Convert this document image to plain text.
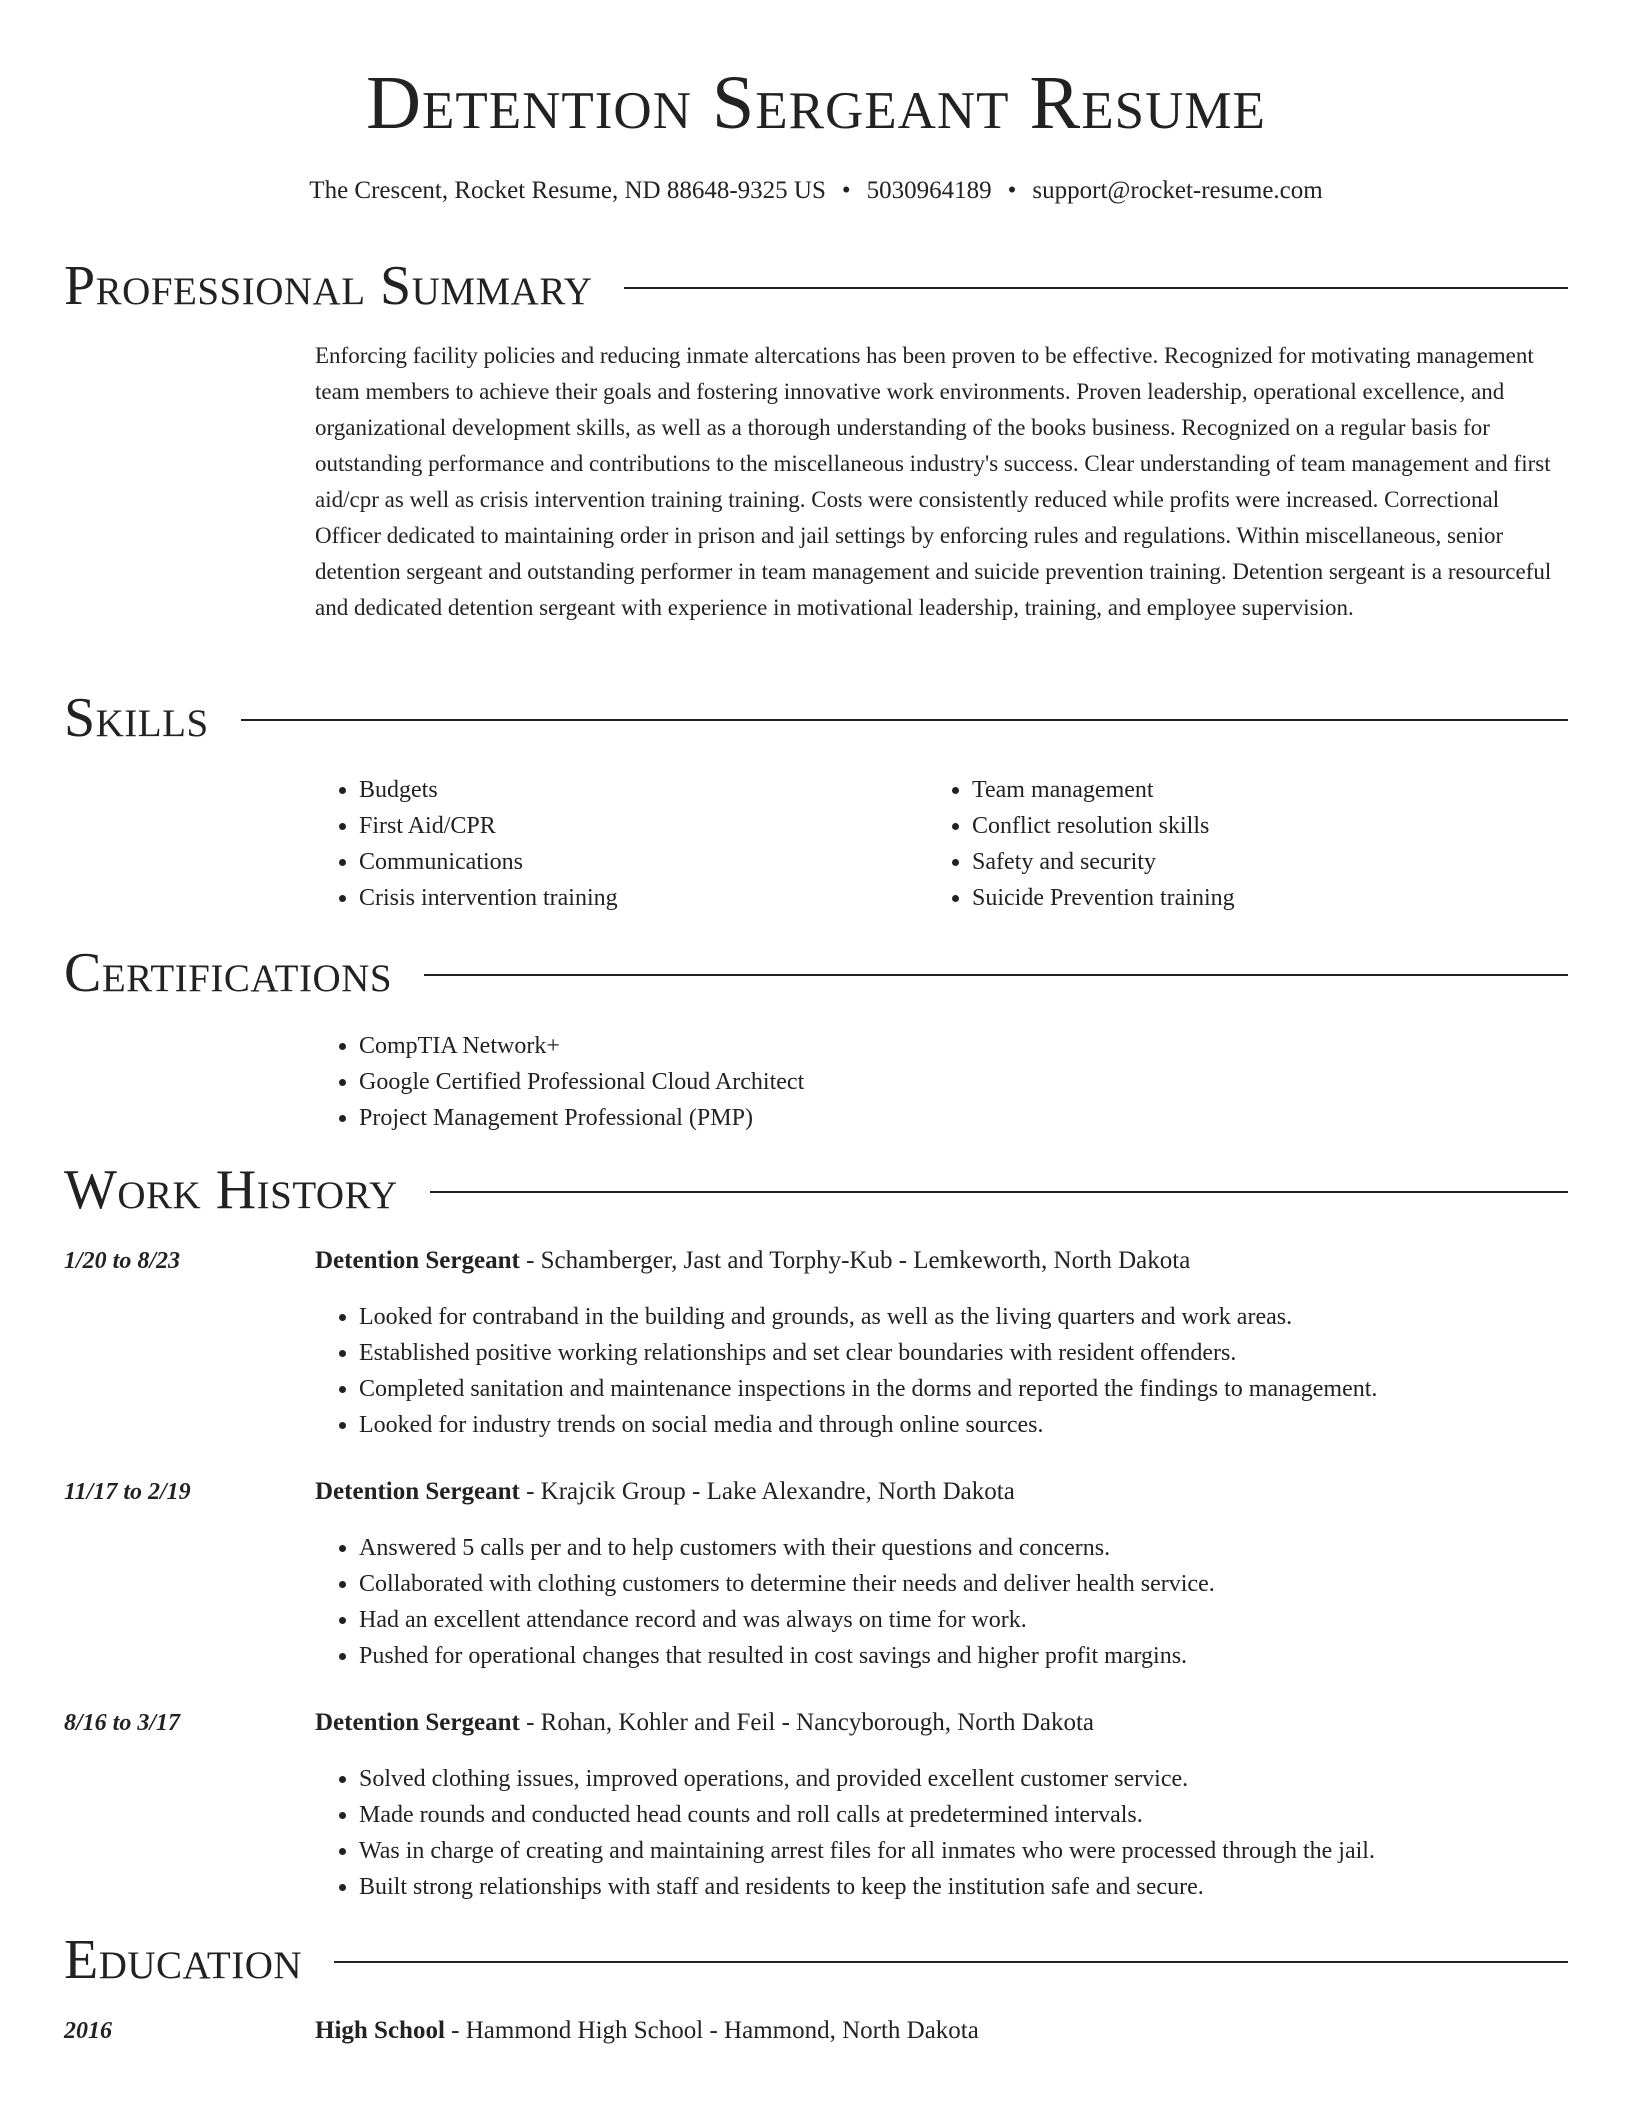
Detention Sergeant Resume
The Crescent, Rocket Resume, ND 88648-9325 US • 5030964189 • support@rocket-resume.com
Professional Summary

Enforcing facility policies and reducing inmate altercations has been proven to be effective. Recognized for motivating management team members to achieve their goals and fostering innovative work environments. Proven leadership, operational excellence, and organizational development skills, as well as a thorough understanding of the books business. Recognized on a regular basis for outstanding performance and contributions to the miscellaneous industry's success. Clear understanding of team management and first aid/cpr as well as crisis intervention training training. Costs were consistently reduced while profits were increased. Correctional Officer dedicated to maintaining order in prison and jail settings by enforcing rules and regulations. Within miscellaneous, senior detention sergeant and outstanding performer in team management and suicide prevention training. Detention sergeant is a resourceful and dedicated detention sergeant with experience in motivational leadership, training, and employee supervision.

Skills
• Budgets
• First Aid/CPR
• Communications
• Crisis intervention training
• Team management
• Conflict resolution skills
• Safety and security
• Suicide Prevention training
Certifications
• CompTIA Network+
• Google Certified Professional Cloud Architect
• Project Management Professional (PMP)
Work History
1/20 to 8/23	Detention Sergeant - Schamberger, Jast and Torphy-Kub - Lemkeworth, North Dakota
• Looked for contraband in the building and grounds, as well as the living quarters and work areas.
• Established positive working relationships and set clear boundaries with resident offenders.
• Completed sanitation and maintenance inspections in the dorms and reported the findings to management.
• Looked for industry trends on social media and through online sources.
11/17 to 2/19	Detention Sergeant - Krajcik Group - Lake Alexandre, North Dakota
• Answered 5 calls per and to help customers with their questions and concerns.
• Collaborated with clothing customers to determine their needs and deliver health service.
• Had an excellent attendance record and was always on time for work.
• Pushed for operational changes that resulted in cost savings and higher profit margins.
8/16 to 3/17	Detention Sergeant - Rohan, Kohler and Feil - Nancyborough, North Dakota
• Solved clothing issues, improved operations, and provided excellent customer service.
• Made rounds and conducted head counts and roll calls at predetermined intervals.
• Was in charge of creating and maintaining arrest files for all inmates who were processed through the jail.
• Built strong relationships with staff and residents to keep the institution safe and secure.
Education
2016	High School - Hammond High School - Hammond, North Dakota
